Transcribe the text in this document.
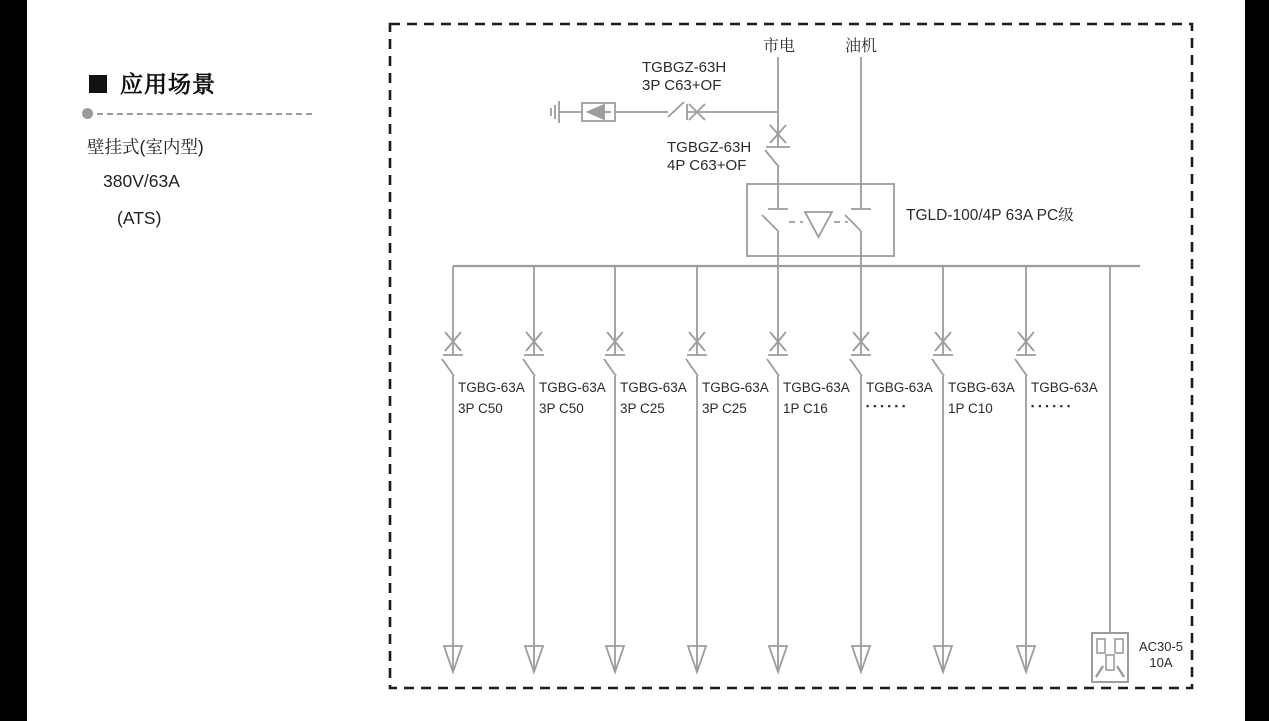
应用场景
壁挂式(室内型)
380V/63A
(ATS)
市电	油机
TGBGZ-63H
3P C63+OF
TGBGZ-63H
4P C63+OF
TGLD-100/4P 63A PC级
TGBG-63A
3P C50
TGBG-63A
3P C50
TGBG-63A
3P C25
TGBG-63A
3P C25
TGBG-63A
1P C16
TGBG-63A
▪▪▪▪▪▪
TGBG-63A
1P C10
TGBG-63A
▪▪▪▪▪▪
AC30-5
10A
